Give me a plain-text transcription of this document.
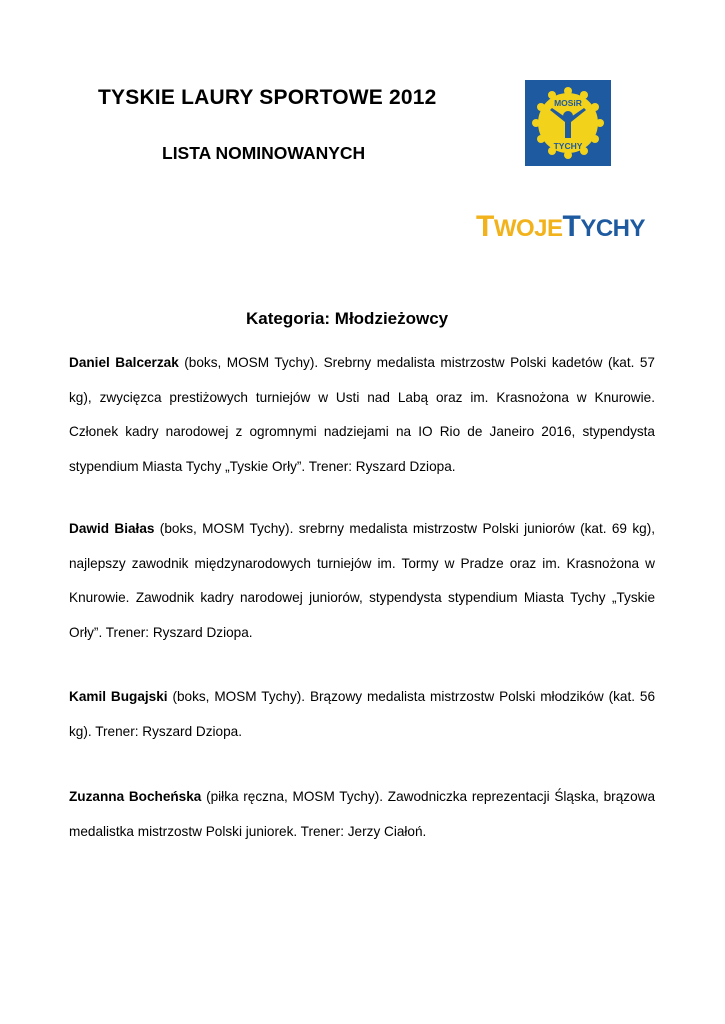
TYSKIE LAURY SPORTOWE 2012
LISTA NOMINOWANYCH
MOSiR
TYCHY
TWOJETYCHY
Kategoria: Młodzieżowcy

Daniel Balcerzak (boks, MOSM Tychy). Srebrny medalista mistrzostw Polski kadetów (kat. 57 kg), zwycięzca prestiżowych turniejów w Usti nad Labą oraz im. Krasnożona w Knurowie. Członek kadry narodowej z ogromnymi nadziejami na IO Rio de Janeiro 2016, stypendysta stypendium Miasta Tychy „Tyskie Orły”. Trener: Ryszard Dziopa.

Dawid Białas (boks, MOSM Tychy). srebrny medalista mistrzostw Polski juniorów (kat. 69 kg), najlepszy zawodnik międzynarodowych turniejów im. Tormy w Pradze oraz im. Krasnożona w Knurowie. Zawodnik kadry narodowej juniorów, stypendysta stypendium Miasta Tychy „Tyskie Orły”. Trener: Ryszard Dziopa.

Kamil Bugajski (boks, MOSM Tychy). Brązowy medalista mistrzostw Polski młodzików (kat. 56 kg). Trener: Ryszard Dziopa.

Zuzanna Bocheńska (piłka ręczna, MOSM Tychy). Zawodniczka reprezentacji Śląska, brązowa medalistka mistrzostw Polski juniorek. Trener: Jerzy Ciałoń.
